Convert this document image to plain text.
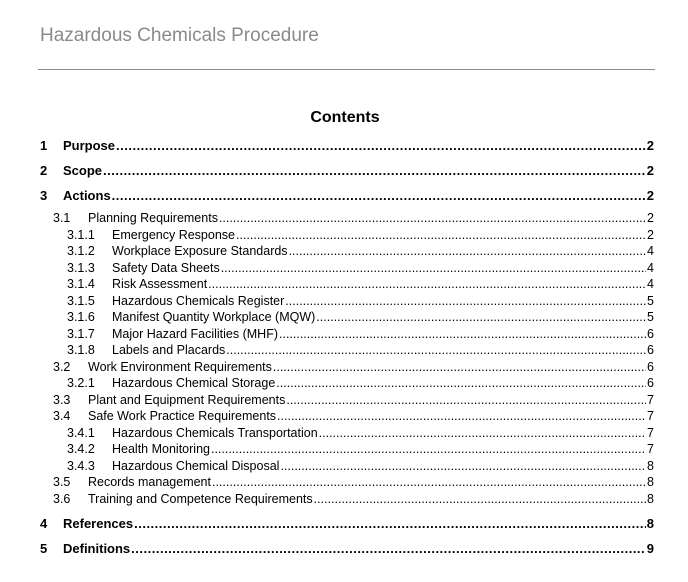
Hazardous Chemicals Procedure
Contents
1	Purpose .....	2
2	Scope .....	2
3	Actions .....	2
3.1	Planning Requirements .....	2
3.1.1	Emergency Response .....	2
3.1.2	Workplace Exposure Standards .....	4
3.1.3	Safety Data Sheets .....	4
3.1.4	Risk Assessment .....	4
3.1.5	Hazardous Chemicals Register .....	5
3.1.6	Manifest Quantity Workplace (MQW) .....	5
3.1.7	Major Hazard Facilities (MHF) .....	6
3.1.8	Labels and Placards .....	6
3.2	Work Environment Requirements .....	6
3.2.1	Hazardous Chemical Storage .....	6
3.3	Plant and Equipment Requirements .....	7
3.4	Safe Work Practice Requirements .....	7
3.4.1	Hazardous Chemicals Transportation .....	7
3.4.2	Health Monitoring .....	7
3.4.3	Hazardous Chemical Disposal .....	8
3.5	Records management .....	8
3.6	Training and Competence Requirements .....	8
4	References .....	8
5	Definitions .....	9
